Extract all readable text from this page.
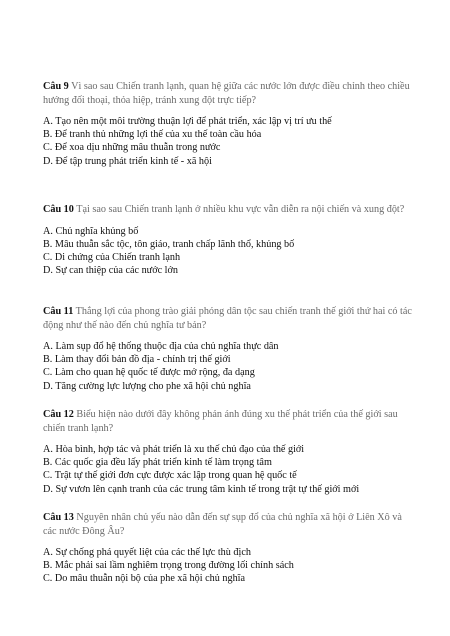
Câu 9 Vì sao sau Chiến tranh lạnh, quan hệ giữa các nước lớn được điều chỉnh theo chiều hướng đối thoại, thỏa hiệp, tránh xung đột trực tiếp?

A. Tạo nên một môi trường thuận lợi để phát triển, xác lập vị trí ưu thế

B. Để tranh thủ những lợi thế của xu thế toàn cầu hóa

C. Để xoa dịu những mâu thuẫn trong nước

D. Để tập trung phát triển kinh tế - xã hội

Câu 10 Tại sao sau Chiến tranh lạnh ở nhiều khu vực vẫn diễn ra nội chiến và xung đột?

A. Chủ nghĩa khủng bố

B. Mâu thuẫn sắc tộc, tôn giáo, tranh chấp lãnh thổ, khủng bố

C. Di chứng của Chiến tranh lạnh

D. Sự can thiệp của các nước lớn

Câu 11 Thắng lợi của phong trào giải phóng dân tộc sau chiến tranh thế giới thứ hai có tác động như thế nào đến chủ nghĩa tư bản?

A. Làm sụp đổ hệ thống thuộc địa của chủ nghĩa thực dân

B. Làm thay đổi bản đồ địa - chính trị thế giới

C. Làm cho quan hệ quốc tế được mở rộng, đa dạng

D. Tăng cường lực lượng cho phe xã hội chủ nghĩa

Câu 12 Biểu hiện nào dưới đây không phản ánh đúng xu thế phát triển của thế giới sau chiến tranh lạnh?

A. Hòa bình, hợp tác và phát triển là xu thế chủ đạo của thế giới

B. Các quốc gia đều lấy phát triển kinh tế làm trọng tâm

C. Trật tự thế giới đơn cực được xác lập trong quan hệ quốc tế

D. Sự vươn lên cạnh tranh của các trung tâm kinh tế trong trật tự thế giới mới

Câu 13 Nguyên nhân chủ yếu nào dẫn đến sự sụp đổ của chủ nghĩa xã hội ở Liên Xô và các nước Đông Âu?

A. Sự chống phá quyết liệt của các thế lực thù địch

B. Mắc phải sai lầm nghiêm trọng trong đường lối chính sách

C. Do mâu thuẫn nội bộ của phe xã hội chủ nghĩa
